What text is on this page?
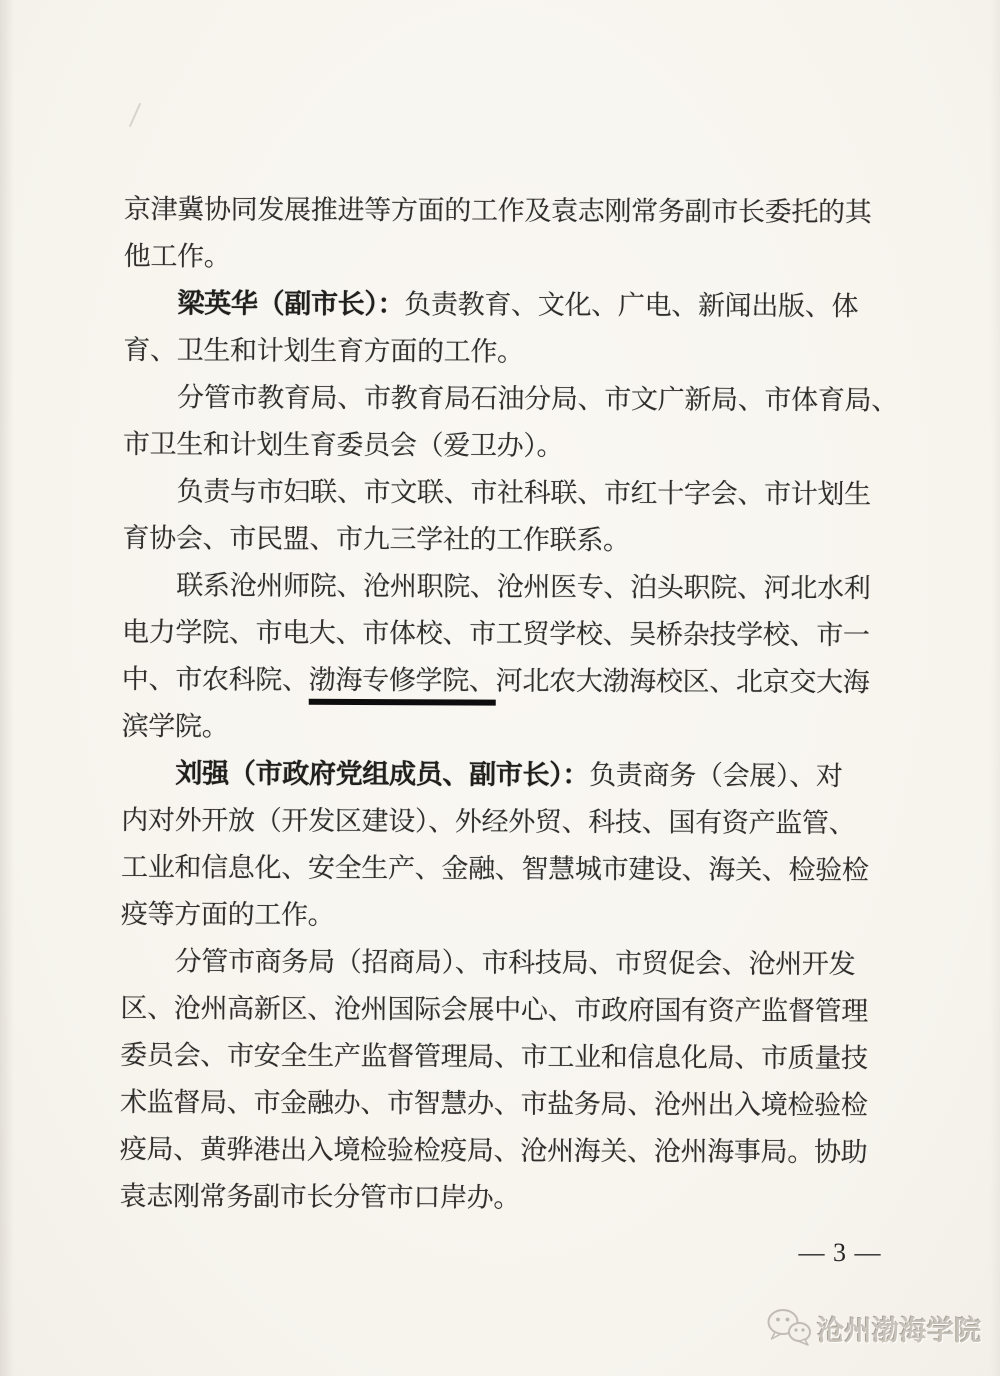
京津冀协同发展推进等方面的工作及袁志刚常务副市长委托的其
他工作。
梁英华（副市长）：负责教育、文化、广电、新闻出版、体
育、卫生和计划生育方面的工作。
分管市教育局、市教育局石油分局、市文广新局、市体育局、
市卫生和计划生育委员会（爱卫办）。
负责与市妇联、市文联、市社科联、市红十字会、市计划生
育协会、市民盟、市九三学社的工作联系。
联系沧州师院、沧州职院、沧州医专、泊头职院、河北水利
电力学院、市电大、市体校、市工贸学校、吴桥杂技学校、市一
中、市农科院、渤海专修学院、河北农大渤海校区、北京交大海
滨学院。
刘强（市政府党组成员、副市长）：负责商务（会展）、对
内对外开放（开发区建设）、外经外贸、科技、国有资产监管、
工业和信息化、安全生产、金融、智慧城市建设、海关、检验检
疫等方面的工作。
分管市商务局（招商局）、市科技局、市贸促会、沧州开发
区、沧州高新区、沧州国际会展中心、市政府国有资产监督管理
委员会、市安全生产监督管理局、市工业和信息化局、市质量技
术监督局、市金融办、市智慧办、市盐务局、沧州出入境检验检
疫局、黄骅港出入境检验检疫局、沧州海关、沧州海事局。协助
袁志刚常务副市长分管市口岸办。
— 3 —
沧州渤海学院
